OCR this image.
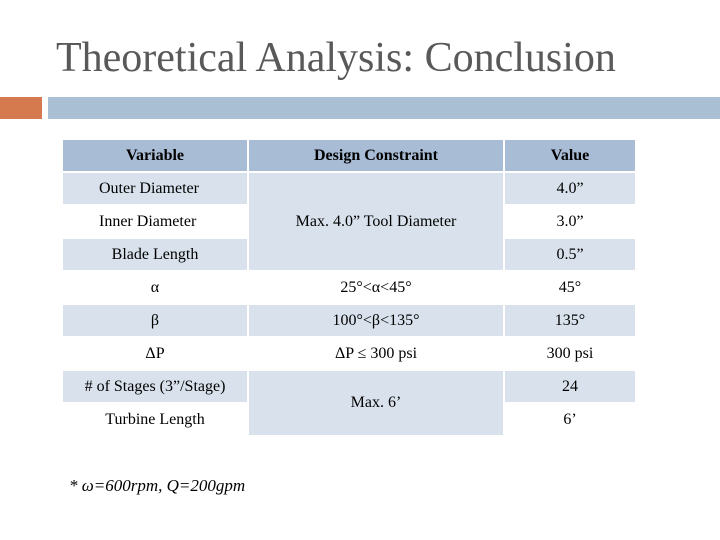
Theoretical Analysis: Conclusion
Variable	Design Constraint	Value
Outer Diameter	Max. 4.0” Tool Diameter	4.0”
Inner Diameter		3.0”
Blade Length		0.5”
α	25°<α<45°	45°
β	100°<β<135°	135°
ΔP	ΔP ≤ 300 psi	300 psi
# of Stages (3”/Stage)	Max. 6’	24
Turbine Length		6’
* ω=600rpm, Q=200gpm
